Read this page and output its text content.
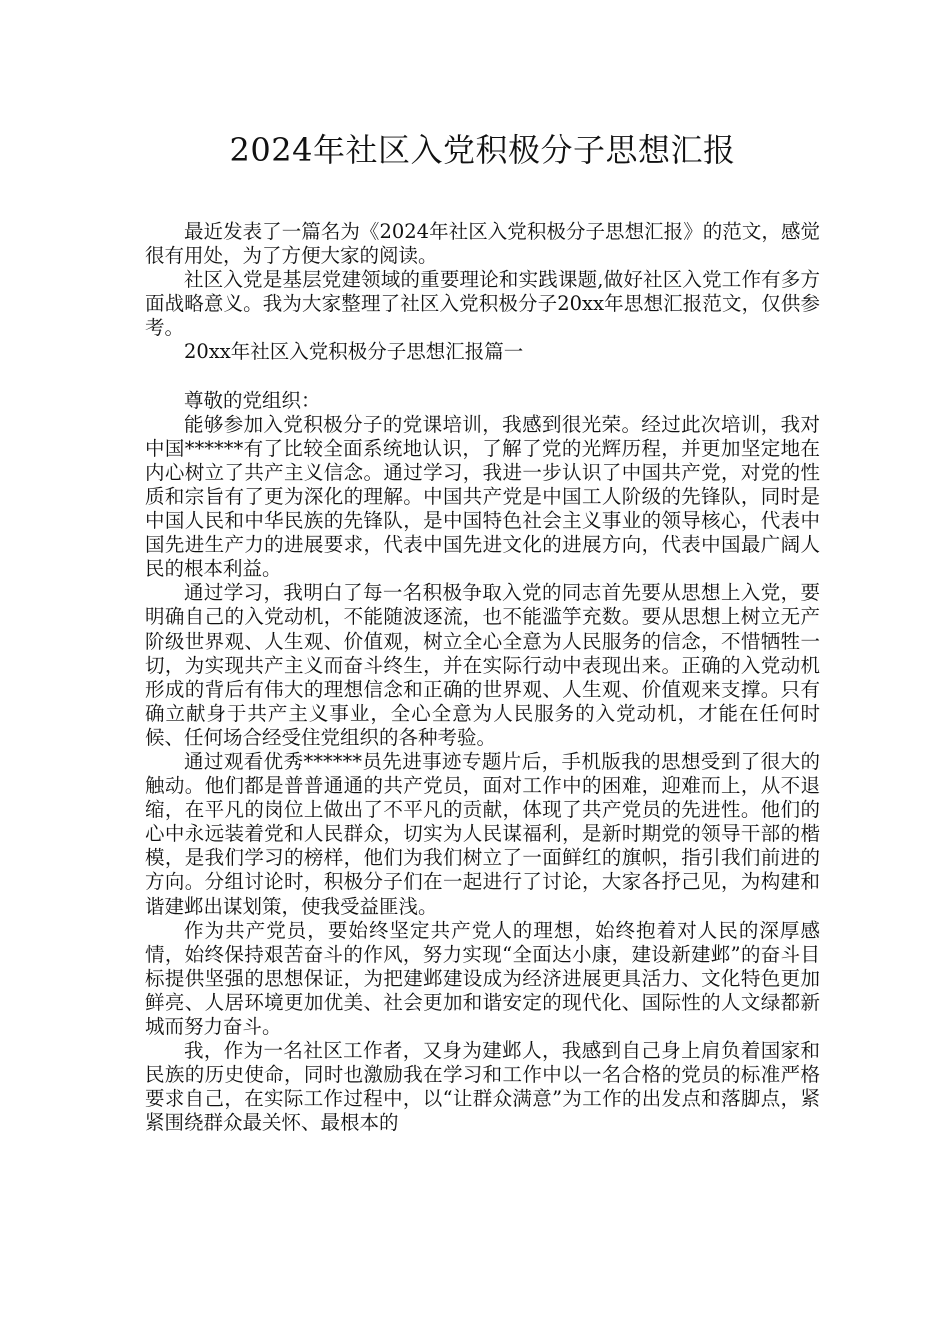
2024年社区入党积极分子思想汇报

最近发表了一篇名为《2024年社区入党积极分子思想汇报》的范文，感觉很有用处，为了方便大家的阅读。

社区入党是基层党建领域的重要理论和实践课题,做好社区入党工作有多方面战略意义。我为大家整理了社区入党积极分子20xx年思想汇报范文，仅供参考。

20xx年社区入党积极分子思想汇报篇一

尊敬的党组织：

能够参加入党积极分子的党课培训，我感到很光荣。经过此次培训，我对中国******有了比较全面系统地认识，了解了党的光辉历程，并更加坚定地在内心树立了共产主义信念。通过学习，我进一步认识了中国共产党，对党的性质和宗旨有了更为深化的理解。中国共产党是中国工人阶级的先锋队，同时是中国人民和中华民族的先锋队，是中国特色社会主义事业的领导核心，代表中国先进生产力的进展要求，代表中国先进文化的进展方向，代表中国最广阔人民的根本利益。

通过学习，我明白了每一名积极争取入党的同志首先要从思想上入党，要明确自己的入党动机，不能随波逐流，也不能滥竽充数。要从思想上树立无产阶级世界观、人生观、价值观，树立全心全意为人民服务的信念，不惜牺牲一切，为实现共产主义而奋斗终生，并在实际行动中表现出来。正确的入党动机形成的背后有伟大的理想信念和正确的世界观、人生观、价值观来支撑。只有确立献身于共产主义事业，全心全意为人民服务的入党动机，才能在任何时候、任何场合经受住党组织的各种考验。

通过观看优秀******员先进事迹专题片后，手机版我的思想受到了很大的触动。他们都是普普通通的共产党员，面对工作中的困难，迎难而上，从不退缩，在平凡的岗位上做出了不平凡的贡献，体现了共产党员的先进性。他们的心中永远装着党和人民群众，切实为人民谋福利，是新时期党的领导干部的楷模，是我们学习的榜样，他们为我们树立了一面鲜红的旗帜，指引我们前进的方向。分组讨论时，积极分子们在一起进行了讨论，大家各抒己见，为构建和谐建邺出谋划策，使我受益匪浅。

作为共产党员，要始终坚定共产党人的理想，始终抱着对人民的深厚感情，始终保持艰苦奋斗的作风，努力实现“全面达小康，建设新建邺”的奋斗目标提供坚强的思想保证，为把建邺建设成为经济进展更具活力、文化特色更加鲜亮、人居环境更加优美、社会更加和谐安定的现代化、国际性的人文绿都新城而努力奋斗。

我，作为一名社区工作者，又身为建邺人，我感到自己身上肩负着国家和民族的历史使命，同时也激励我在学习和工作中以一名合格的党员的标准严格要求自己，在实际工作过程中，以“让群众满意”为工作的出发点和落脚点，紧紧围绕群众最关怀、最根本的
